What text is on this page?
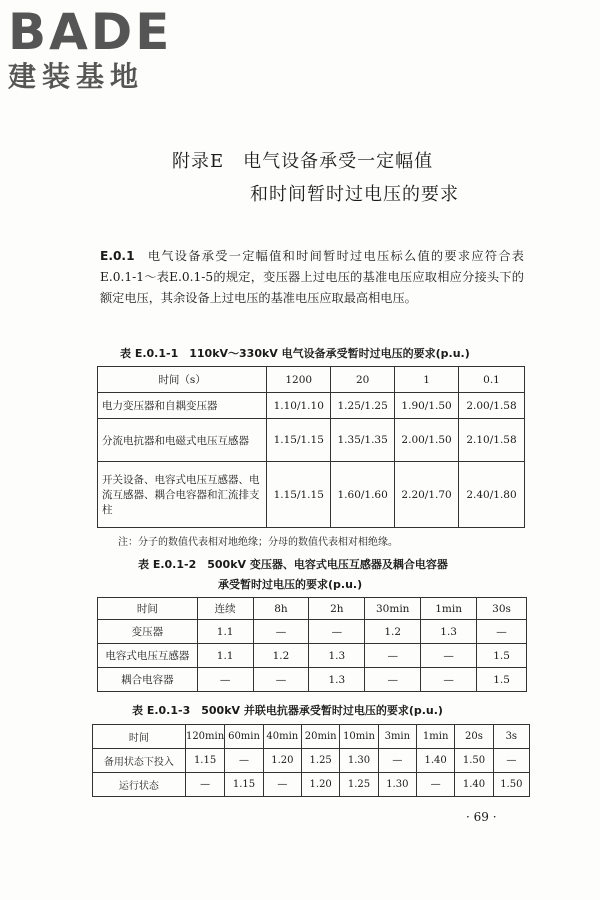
BADE
建装基地
附录E　电气设备承受一定幅值
和时间暂时过电压的要求

E.0.1 电气设备承受一定幅值和时间暂时过电压标么值的要求应符合表E.0.1-1～表E.0.1-5的规定，变压器上过电压的基准电压应取相应分接头下的额定电压，其余设备上过电压的基准电压应取最高相电压。

表 E.0.1-1　110kV～330kV 电气设备承受暂时过电压的要求(p.u.)
时间（s）	1200	20	1	0.1
电力变压器和自耦变压器	1.10/1.10	1.25/1.25	1.90/1.50	2.00/1.58
分流电抗器和电磁式电压互感器	1.15/1.15	1.35/1.35	2.00/1.50	2.10/1.58
开关设备、电容式电压互感器、电流互感器、耦合电容器和汇流排支柱	1.15/1.15	1.60/1.60	2.20/1.70	2.40/1.80
注：分子的数值代表相对地绝缘；分母的数值代表相对相绝缘。
表 E.0.1-2　500kV 变压器、电容式电压互感器及耦合电容器
承受暂时过电压的要求(p.u.)
时间	连续	8h	2h	30min	1min	30s
变压器	1.1	—	—	1.2	1.3	—
电容式电压互感器	1.1	1.2	1.3	—	—	1.5
耦合电容器	—	—	1.3	—	—	1.5
表 E.0.1-3　500kV 并联电抗器承受暂时过电压的要求(p.u.)
时间	120min	60min	40min	20min	10min	3min	1min	20s	3s
备用状态下投入	1.15	—	1.20	1.25	1.30	—	1.40	1.50	—
运行状态	—	1.15	—	1.20	1.25	1.30	—	1.40	1.50
· 69 ·
